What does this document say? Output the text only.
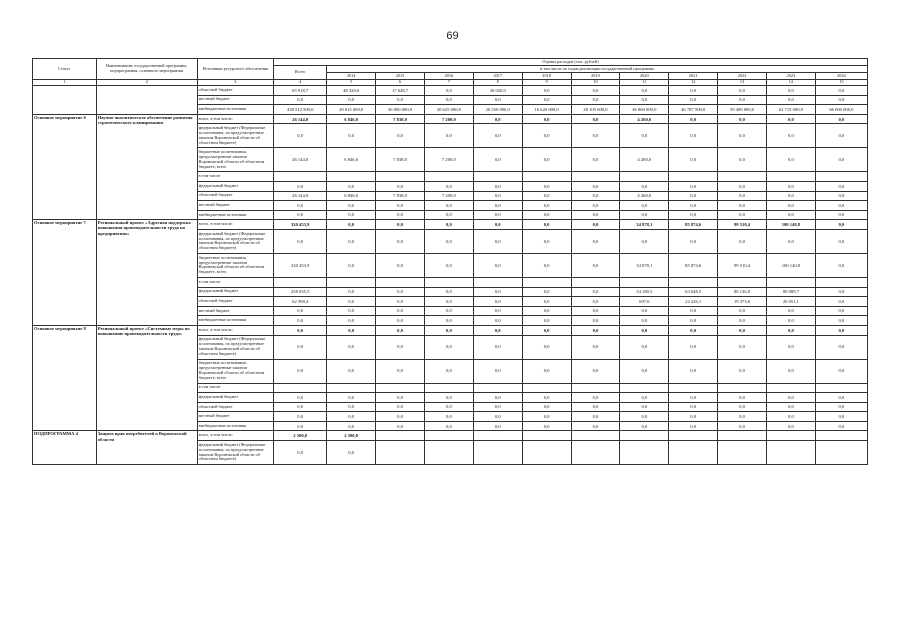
69
Статус	Наименование государственной программы, подпрограммы, основного мероприятия	Источники ресурсного обеспечения	Оценка расходов (тыс. рублей)											
			Всего	в том числе по годам реализации государственной программы										
				2014	2015	2016	2017	2018	2019	2020	2021	2022	2023	2024
1	2	3	4	5	6	7	8	9	10	11	12	13	14	15
		областной бюджет	85 918,7	48 320,0	17 648,7	0,0	20 020,0	0,0	0,0	0,0	0,0	0,0	0,0	0,0
		местный бюджет	0,0	0,0	0,0	0,0	0,0	0,0	0,0	0,0	0,0	0,0	0,0	0,0
		внебюджетные источники	438 512 500,0	29 615 000,0	36 000 000,0	20 625 000,0	26 550 000,0	16 620 000,0	40 105 000,0	46 860 000,0	46 787 500,0	59 400 000,0	62 715 000,0	66 000 000,0
Основное мероприятие 6	Научно-аналитическое обеспечение развития стратегического планирования	всего, в том числе:	26 144,0	6 846,0	7 838,0	7 200,0	0,0	0,0	0,0	4 260,0	0,0	0,0	0,0	0,0
		федеральный бюджет (Федеральные ассигнования, по предусмотренные законом Воронежской области об областном бюджете)	0,0	0,0	0,0	0,0	0,0	0,0	0,0	0,0	0,0	0,0	0,0	0,0
		бюджетные ассигнования, предусмотренные законом Воронежской области об областном бюджете, всего	26 144,0	6 846,0	7 838,0	7 200,0	0,0	0,0	0,0	4 260,0	0,0	0,0	0,0	0,0
		в том числе:												
		федеральный бюджет	0,0	0,0	0,0	0,0	0,0	0,0	0,0	0,0	0,0	0,0	0,0	0,0
		областной бюджет	26 144,0	6 846,0	7 838,0	7 200,0	0,0	0,0	0,0	4 260,0	0,0	0,0	0,0	0,0
		местный бюджет	0,0	0,0	0,0	0,0	0,0	0,0	0,0	0,0	0,0	0,0	0,0	0,0
		внебюджетные источники	0,0	0,0	0,0	0,0	0,0	0,0	0,0	0,0	0,0	0,0	0,0	0,0
Основное мероприятие 7	Региональный проект «Адресная поддержка повышения производительности труда на предприятиях»	всего, в том числе:	320 453,9	0,0	0,0	0,0	0,0	0,0	0,0	34 878,1	85 874,6	99 510,4	100 140,8	0,0
		федеральный бюджет (Федеральные ассигнования, по предусмотренные законом Воронежской области об областном бюджете)	0,0	0,0	0,0	0,0	0,0	0,0	0,0	0,0	0,0	0,0	0,0	0,0
		бюджетные ассигнования, предусмотренные законом Воронежской области об областном бюджете, всего	320 453,9	0,0	0,0	0,0	0,0	0,0	0,0	34 878,1	85 874,6	99 510,4	100 140,8	0,0
		в том числе:												
		федеральный бюджет	258 055,5	0,0	0,0	0,0	0,0	0,0	0,0	34 180,5	63 648,5	80 136,8	80 089,7	0,0
		областной бюджет	62 398,4	0,0	0,0	0,0	0,0	0,0	0,0	697,6	22 226,1	19 373,6	20 051,1	0,0
		местный бюджет	0,0	0,0	0,0	0,0	0,0	0,0	0,0	0,0	0,0	0,0	0,0	0,0
		внебюджетные источники	0,0	0,0	0,0	0,0	0,0	0,0	0,0	0,0	0,0	0,0	0,0	0,0
Основное мероприятие 8	Региональный проект «Системные меры по повышению производительности труда»	всего, в том числе:	0,0	0,0	0,0	0,0	0,0	0,0	0,0	0,0	0,0	0,0	0,0	0,0
		федеральный бюджет (Федеральные ассигнования, по предусмотренные законом Воронежской области об областном бюджете)	0,0	0,0	0,0	0,0	0,0	0,0	0,0	0,0	0,0	0,0	0,0	0,0
		бюджетные ассигнования, предусмотренные законом Воронежской области об областном бюджете, всего	0,0	0,0	0,0	0,0	0,0	0,0	0,0	0,0	0,0	0,0	0,0	0,0
		в том числе:												
		федеральный бюджет	0,0	0,0	0,0	0,0	0,0	0,0	0,0	0,0	0,0	0,0	0,0	0,0
		областной бюджет	0,0	0,0	0,0	0,0	0,0	0,0	0,0	0,0	0,0	0,0	0,0	0,0
		местный бюджет	0,0	0,0	0,0	0,0	0,0	0,0	0,0	0,0	0,0	0,0	0,0	0,0
		внебюджетные источники	0,0	0,0	0,0	0,0	0,0	0,0	0,0	0,0	0,0	0,0	0,0	0,0
ПОДПРОГРАММА 4	Защита прав потребителей в Воронежской области	всего, в том числе:	2 500,0	2 500,0										
		федеральный бюджет (Федеральные ассигнования, по предусмотренные законом Воронежской области об областном бюджете)	0,0	0,0										
